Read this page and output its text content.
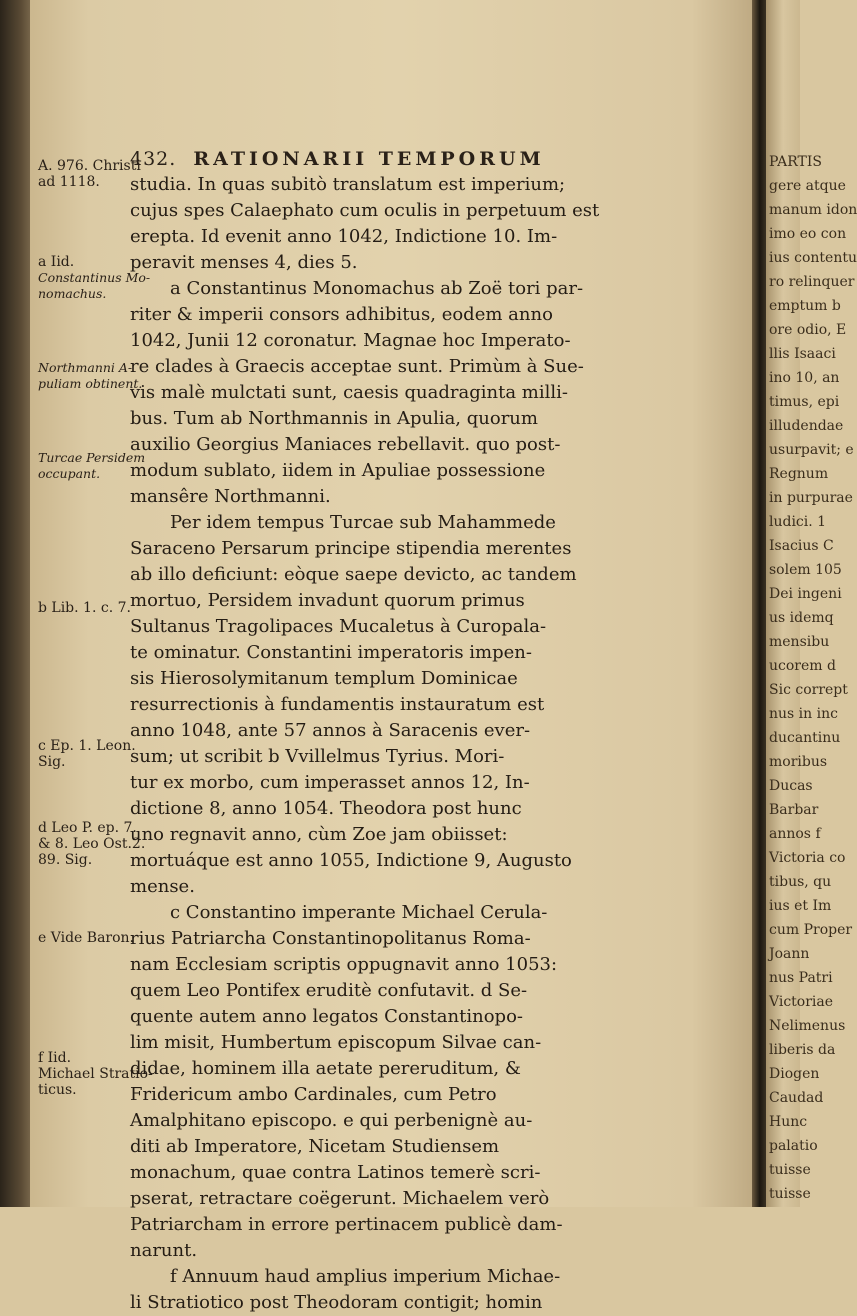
432. RATIONARII TEMPORUM
A. 976. Christi
ad 1118.
a Iid.
Constantinus Mo-
nomachus.
Northmanni A-
puliam obtinent.
Turcae Persidem
occupant.
b Lib. 1. c. 7.
c Ep. 1. Leon.
Sig.
d Leo P. ep. 7.
& 8. Leo Ost.2.
89. Sig.
e Vide Baron.
f Iid.
Michael Stratio-
ticus.
studia. In quas subitò translatum est imperium;
cujus spes Calaephato cum oculis in perpetuum est
erepta. Id evenit anno 1042, Indictione 10. Im-
peravit menses 4, dies 5.
a Constantinus Monomachus ab Zoë tori par-
riter & imperii consors adhibitus, eodem anno
1042, Junii 12 coronatur. Magnae hoc Imperato-
re clades à Graecis acceptae sunt. Primùm à Sue-
vis malè mulctati sunt, caesis quadraginta milli-
bus. Tum ab Northmannis in Apulia, quorum
auxilio Georgius Maniaces rebellavit. quo post-
modum sublato, iidem in Apuliae possessione
mansêre Northmanni.
Per idem tempus Turcae sub Mahammede
Saraceno Persarum principe stipendia merentes
ab illo deficiunt: eòque saepe devicto, ac tandem
mortuo, Persidem invadunt quorum primus
Sultanus Tragolipaces Mucaletus à Curopala-
te ominatur. Constantini imperatoris impen-
sis Hierosolymitanum templum Dominicae
resurrectionis à fundamentis instauratum est
anno 1048, ante 57 annos à Saracenis ever-
sum; ut scribit b Vvillelmus Tyrius. Mori-
tur ex morbo, cum imperasset annos 12, In-
dictione 8, anno 1054. Theodora post hunc
uno regnavit anno, cùm Zoe jam obiisset:
mortuáque est anno 1055, Indictione 9, Augusto
mense.
c Constantino imperante Michael Cerula-
rius Patriarcha Constantinopolitanus Roma-
nam Ecclesiam scriptis oppugnavit anno 1053:
quem Leo Pontifex eruditè confutavit. d Se-
quente autem anno legatos Constantinopo-
lim misit, Humbertum episcopum Silvae can-
didae, hominem illa aetate pereruditum, &
Fridericum ambo Cardinales, cum Petro
Amalphitano episcopo. e qui perbenignè au-
diti ab Imperatore, Nicetam Studiensem
monachum, quae contra Latinos temerè scri-
pserat, retractare coëgerunt. Michaelem verò
Patriarcham in errore pertinacem publicè dam-
narunt.
f Annuum haud amplius imperium Michae-
li Stratiotico post Theodoram contigit; homin
PARTIS
gere atque
manum idon
imo eo con
ius contentu
ro relinquer
emptum b
ore odio, E
llis Isaaci
ino 10, an
timus, epi
illudendae
usurpavit; e
Regnum
in purpurae
ludici. 1
Isacius C
solem 105
Dei ingeni
us idemq
mensibu
ucorem d
Sic corrept
nus in inc
ducantinu
moribus
Ducas
Barbar
annos f
Victoria co
tibus, qu
ius et Im
cum Proper
Joann
nus Patri
Victoriae
Nelimenus
liberis da
Diogen
Caudad
Hunc
palatio
tuisse
tuisse
